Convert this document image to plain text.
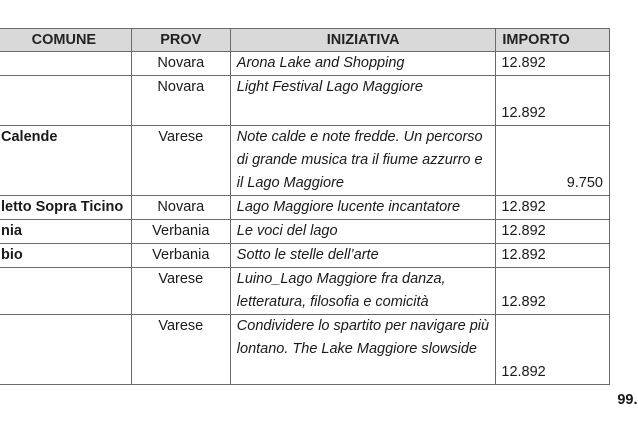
COMUNE	PROV	INIZIATIVA	IMPORTO
	Novara	Arona Lake and Shopping	12.892
	Novara	Light Festival Lago Maggiore	12.892
Calende	Varese	Note calde e note fredde. Un percorso di grande musica tra il fiume azzurro e il Lago Maggiore	9.750
letto Sopra Ticino	Novara	Lago Maggiore lucente incantatore	12.892
nia	Verbania	Le voci del lago	12.892
bio	Verbania	Sotto le stelle dell’arte	12.892
	Varese	Luino_Lago Maggiore fra danza, letteratura, filosofia e comicità	12.892
	Varese	Condividere lo spartito per navigare più lontano. The Lake Maggiore slowside	12.892
			99.
